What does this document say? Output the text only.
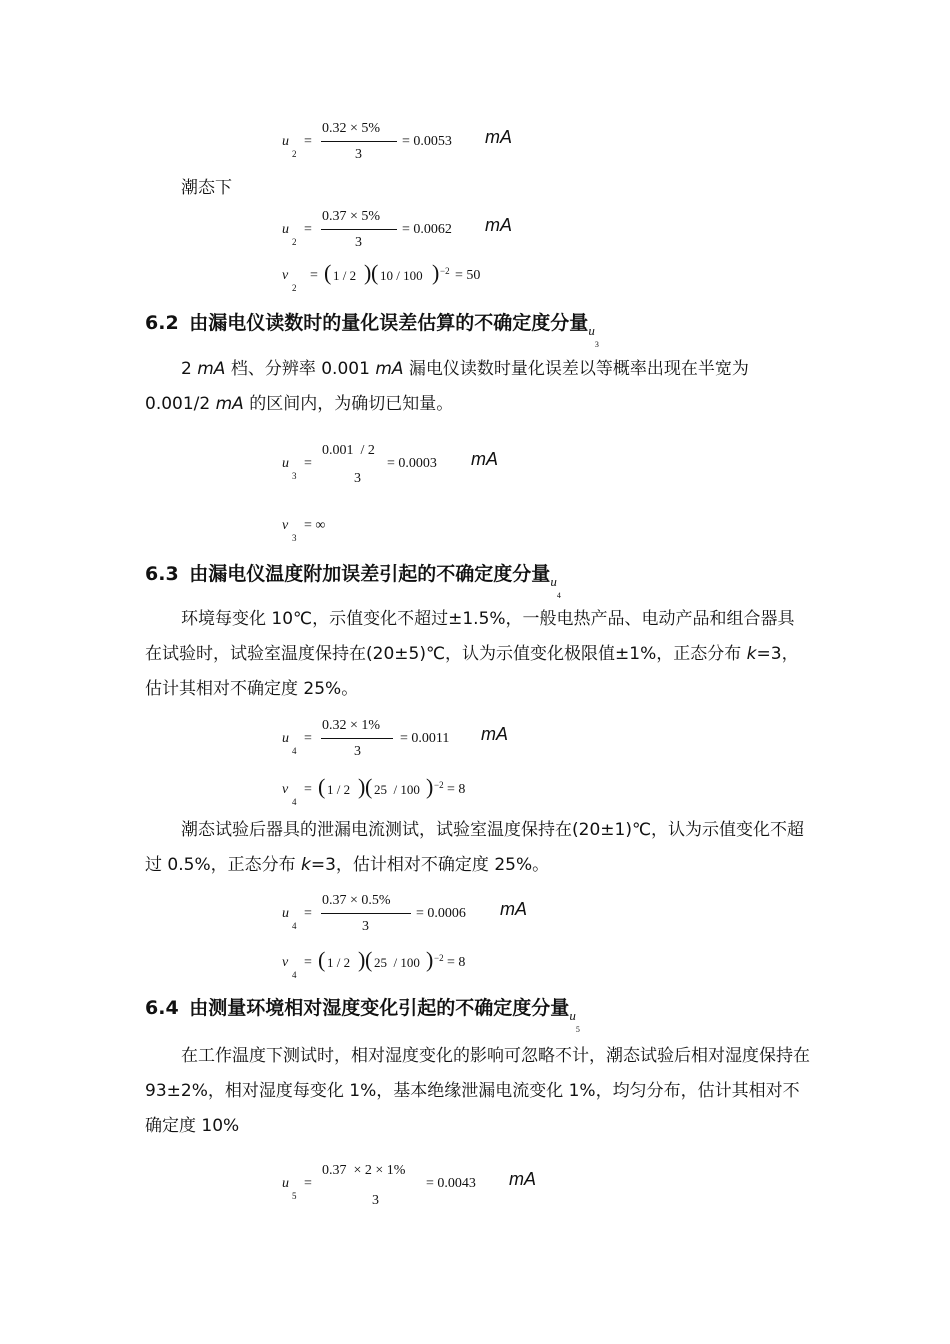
u
2
=
0.32 × 5%
3
= 0.0053 mA
潮态下
u
2
=
0.37 × 5%
3
= 0.0062 mA
v
2
= ( 1 / 2 ) ( 10 / 100 ) −2 = 50
6.2 由漏电仪读数时的量化误差估算的不确定度分量$_{u3}$

2 mA 档、分辨率 0.001 mA 漏电仪读数时量化误差以等概率出现在半宽为 0.001/2 mA 的区间内，为确切已知量。

u
3
=
0.001  / 2
3
= 0.0003 mA
v
3
= ∞
6.3 由漏电仪温度附加误差引起的不确定度分量$_{u4}$

环境每变化 10℃，示值变化不超过±1.5%，一般电热产品、电动产品和组合器具在试验时，试验室温度保持在(20±5)℃，认为示值变化极限值±1%，正态分布 k=3，估计其相对不确定度 25%。

u
4
=
0.32 × 1%
3
= 0.0011 mA
v
4
= ( 1 / 2 ) ( 25  / 100 ) −2 = 8

潮态试验后器具的泄漏电流测试，试验室温度保持在(20±1)℃，认为示值变化不超过 0.5%，正态分布 k=3，估计相对不确定度 25%。

u
4
=
0.37 × 0.5%
3
= 0.0006 mA
v
4
= ( 1 / 2 ) ( 25  / 100 ) −2 = 8
6.4 由测量环境相对湿度变化引起的不确定度分量$_{u5}$

在工作温度下测试时，相对湿度变化的影响可忽略不计，潮态试验后相对湿度保持在 93±2%，相对湿度每变化 1%，基本绝缘泄漏电流变化 1%，均匀分布，估计其相对不确定度 10%

u
5
=
0.37  × 2 × 1%
3
= 0.0043 mA
